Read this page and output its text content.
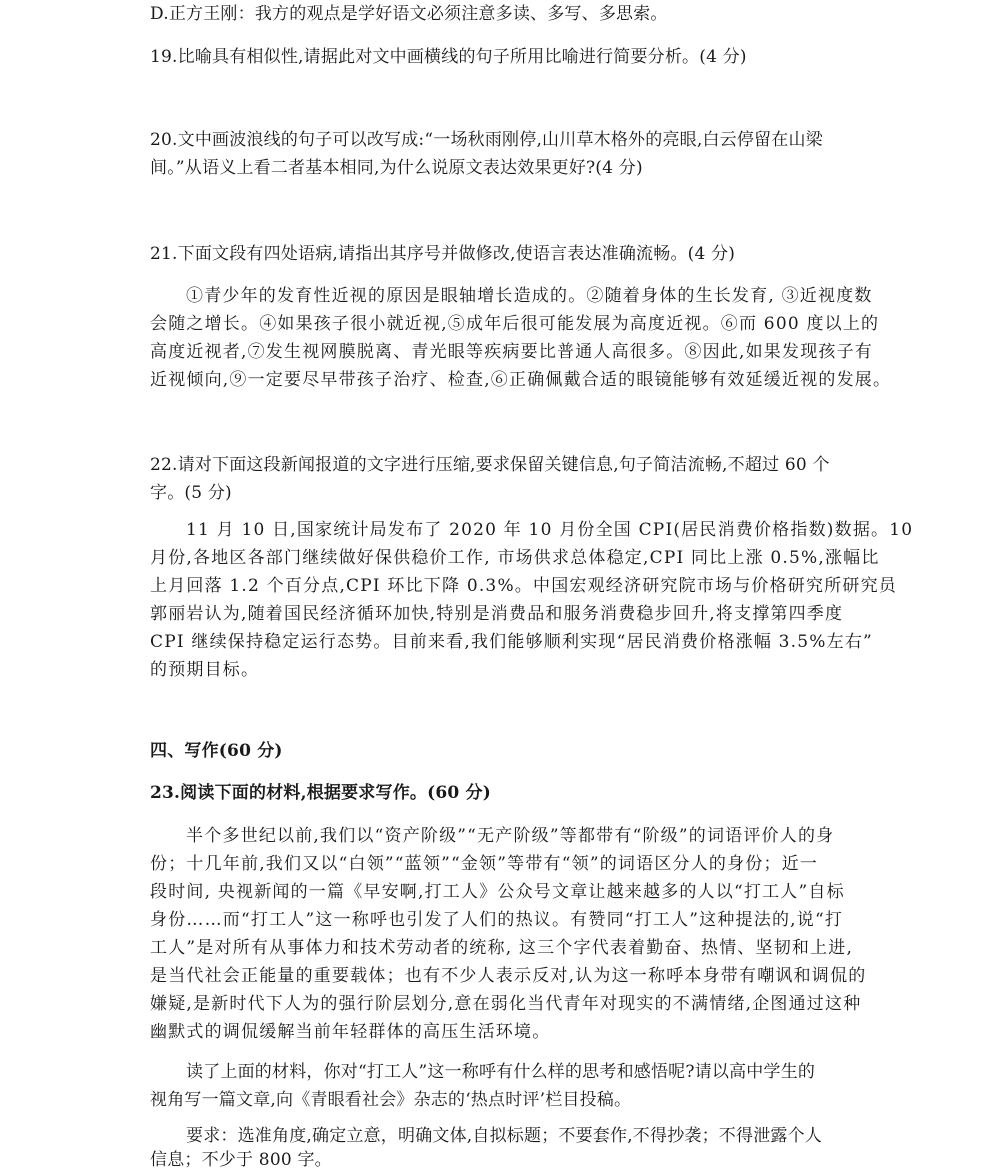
D.正方王刚：我方的观点是学好语文必须注意多读、多写、多思索。
19.比喻具有相似性,请据此对文中画横线的句子所用比喻进行简要分析。(4 分)
20.文中画波浪线的句子可以改写成:“一场秋雨刚停,山川草木格外的亮眼,白云停留在山梁
间。”从语义上看二者基本相同,为什么说原文表达效果更好?(4 分)
21.下面文段有四处语病,请指出其序号并做修改,使语言表达准确流畅。(4 分)
①青少年的发育性近视的原因是眼轴增长造成的。②随着身体的生长发育, ③近视度数
会随之增长。④如果孩子很小就近视,⑤成年后很可能发展为高度近视。⑥而 600 度以上的
高度近视者,⑦发生视网膜脱离、青光眼等疾病要比普通人高很多。⑧因此,如果发现孩子有
近视倾向,⑨一定要尽早带孩子治疗、检查,⑥正确佩戴合适的眼镜能够有效延缓近视的发展。
22.请对下面这段新闻报道的文字进行压缩,要求保留关键信息,句子简洁流畅,不超过 60 个
字。(5 分)
11 月 10 日,国家统计局发布了 2020 年 10 月份全国 CPI(居民消费价格指数)数据。10
月份,各地区各部门继续做好保供稳价工作, 市场供求总体稳定,CPI 同比上涨 0.5%,涨幅比
上月回落 1.2 个百分点,CPI 环比下降 0.3%。中国宏观经济研究院市场与价格研究所研究员
郭丽岩认为,随着国民经济循环加快,特别是消费品和服务消费稳步回升,将支撑第四季度
CPI 继续保持稳定运行态势。目前来看,我们能够顺利实现“居民消费价格涨幅 3.5%左右”
的预期目标。
四、写作(60 分)
23.阅读下面的材料,根据要求写作。(60 分)
半个多世纪以前,我们以“资产阶级”“无产阶级”等都带有“阶级”的词语评价人的身
份；十几年前,我们又以“白领”“蓝领”“金领”等带有“领”的词语区分人的身份；近一
段时间, 央视新闻的一篇《早安啊,打工人》公众号文章让越来越多的人以“打工人”自标
身份……而“打工人”这一称呼也引发了人们的热议。有赞同“打工人”这种提法的,说“打
工人”是对所有从事体力和技术劳动者的统称, 这三个字代表着勤奋、热情、坚韧和上进,
是当代社会正能量的重要载体；也有不少人表示反对,认为这一称呼本身带有嘲讽和调侃的
嫌疑,是新时代下人为的强行阶层划分,意在弱化当代青年对现实的不满情绪,企图通过这种
幽默式的调侃缓解当前年轻群体的高压生活环境。
读了上面的材料，你对“打工人”这一称呼有什么样的思考和感悟呢?请以高中学生的
视角写一篇文章,向《青眼看社会》杂志的‘热点时评’栏目投稿。
要求：选准角度,确定立意，明确文体,自拟标题；不要套作,不得抄袭；不得泄露个人
信息；不少于 800 字。
